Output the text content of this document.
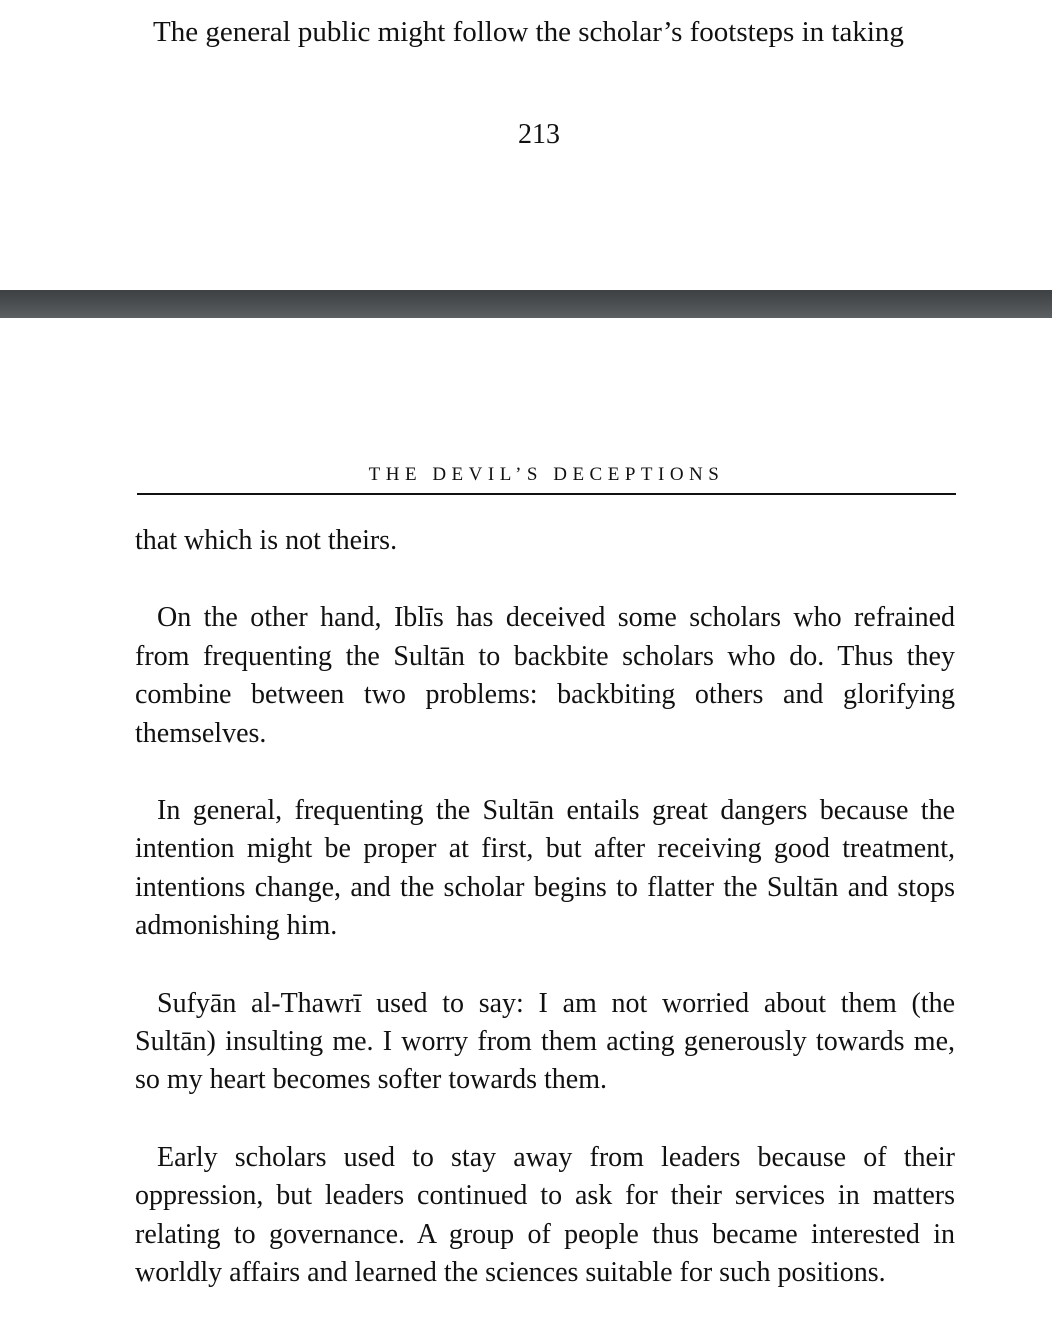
The general public might follow the scholar’s footsteps in taking

213

THE DEVIL’S DECEPTIONS

that which is not theirs.

On the other hand, Iblīs has deceived some scholars who refrained from frequenting the Sultān to backbite scholars who do. Thus they combine between two problems: backbiting others and glorifying themselves.

In general, frequenting the Sultān entails great dangers because the intention might be proper at first, but after receiving good treatment, intentions change, and the scholar begins to flatter the Sultān and stops admonishing him.

Sufyān al-Thawrī used to say: I am not worried about them (the Sultān) insulting me. I worry from them acting generously towards me, so my heart becomes softer towards them.

Early scholars used to stay away from leaders because of their oppression, but leaders continued to ask for their services in matters relating to governance. A group of people thus became interested in worldly affairs and learned the sciences suitable for such positions.
